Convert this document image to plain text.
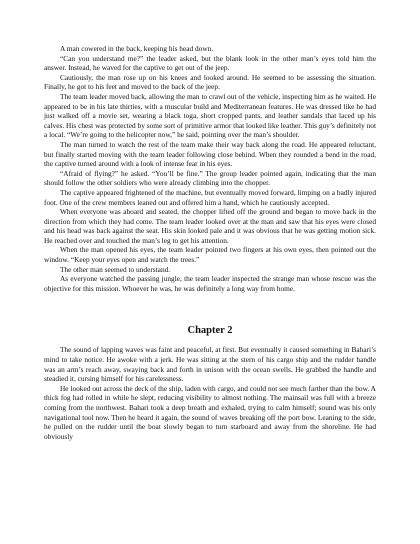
A man cowered in the back, keeping his head down.

“Can you understand me?” the leader asked, but the blank look in the other man’s eyes told him the answer. Instead, he waved for the captive to get out of the jeep.

Cautiously, the man rose up on his knees and looked around. He seemed to be assessing the situation. Finally, he got to his feet and moved to the back of the jeep.

The team leader moved back, allowing the man to crawl out of the vehicle, inspecting him as he waited. He appeared to be in his late thirties, with a muscular build and Mediterranean features. He was dressed like he had just walked off a movie set, wearing a black toga, short cropped pants, and leather sandals that laced up his calves. His chest was protected by some sort of primitive armor that looked like leather. This guy’s definitely not a local. “We’re going to the helicopter now,” he said, pointing over the man’s shoulder.

The man turned to watch the rest of the team make their way back along the road. He appeared reluctant, but finally started moving with the team leader following close behind. When they rounded a bend in the road, the captive turned around with a look of intense fear in his eyes.

“Afraid of flying?” he asked. “You’ll be fine.” The group leader pointed again, indicating that the man should follow the other soldiers who were already climbing into the chopper.

The captive appeared frightened of the machine, but eventually moved forward, limping on a badly injured foot. One of the crew members leaned out and offered him a hand, which he cautiously accepted.

When everyone was aboard and seated, the chopper lifted off the ground and began to move back in the direction from which they had come. The team leader looked over at the man and saw that his eyes were closed and his head was back against the seat. His skin looked pale and it was obvious that he was getting motion sick. He reached over and touched the man’s leg to get his attention.

When the man opened his eyes, the team leader pointed two fingers at his own eyes, then pointed out the window. “Keep your eyes open and watch the trees.”

The other man seemed to understand.

As everyone watched the passing jungle, the team leader inspected the strange man whose rescue was the objective for this mission. Whoever he was, he was definitely a long way from home.

Chapter 2

The sound of lapping waves was faint and peaceful, at first. But eventually it caused something in Bahari’s mind to take notice. He awoke with a jerk. He was sitting at the stern of his cargo ship and the rudder handle was an arm’s reach away, swaying back and forth in unison with the ocean swells. He grabbed the handle and steadied it, cursing himself for his carelessness.

He looked out across the deck of the ship, laden with cargo, and could not see much farther than the bow. A thick fog had rolled in while he slept, reducing visibility to almost nothing. The mainsail was full with a breeze coming from the northwest. Bahari took a deep breath and exhaled, trying to calm himself; sound was his only navigational tool now. Then he heard it again, the sound of waves breaking off the port bow. Leaning to the side, he pulled on the rudder until the boat slowly began to turn starboard and away from the shoreline. He had obviously
